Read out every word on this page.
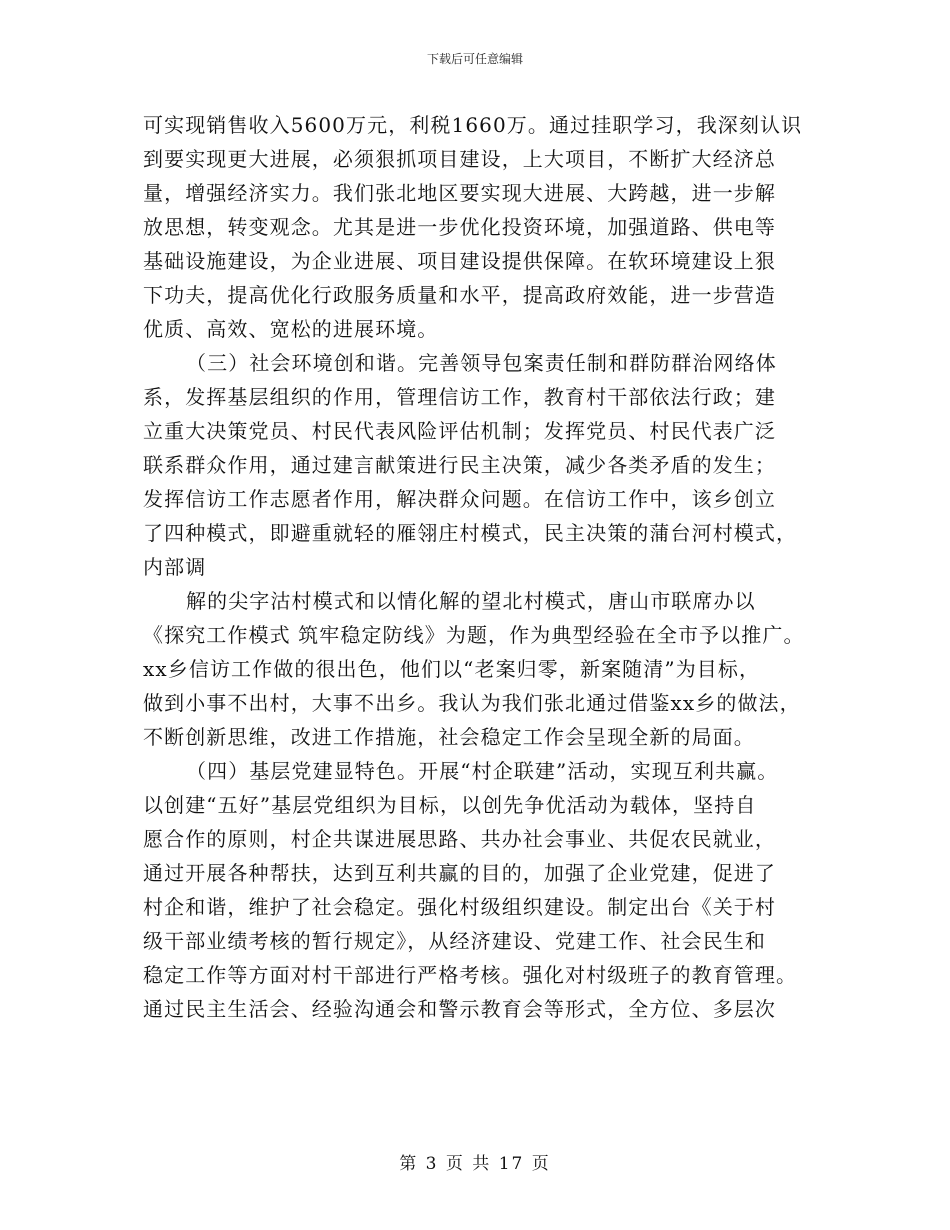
下载后可任意编辑
可实现销售收入5600万元，利税1660万。通过挂职学习，我深刻认识
到要实现更大进展，必须狠抓项目建设，上大项目，不断扩大经济总
量，增强经济实力。我们张北地区要实现大进展、大跨越，进一步解
放思想，转变观念。尤其是进一步优化投资环境，加强道路、供电等
基础设施建设，为企业进展、项目建设提供保障。在软环境建设上狠
下功夫，提高优化行政服务质量和水平，提高政府效能，进一步营造
优质、高效、宽松的进展环境。
（三）社会环境创和谐。完善领导包案责任制和群防群治网络体
系，发挥基层组织的作用，管理信访工作，教育村干部依法行政；建
立重大决策党员、村民代表风险评估机制；发挥党员、村民代表广泛
联系群众作用，通过建言献策进行民主决策，减少各类矛盾的发生；
发挥信访工作志愿者作用，解决群众问题。在信访工作中，该乡创立
了四种模式，即避重就轻的雁翎庄村模式，民主决策的蒲台河村模式，
内部调
解的尖字沽村模式和以情化解的望北村模式，唐山市联席办以
《探究工作模式 筑牢稳定防线》为题，作为典型经验在全市予以推广。
xx乡信访工作做的很出色，他们以“老案归零，新案随清”为目标，
做到小事不出村，大事不出乡。我认为我们张北通过借鉴xx乡的做法，
不断创新思维，改进工作措施，社会稳定工作会呈现全新的局面。
（四）基层党建显特色。开展“村企联建”活动，实现互利共赢。
以创建“五好”基层党组织为目标，以创先争优活动为载体，坚持自
愿合作的原则，村企共谋进展思路、共办社会事业、共促农民就业，
通过开展各种帮扶，达到互利共赢的目的，加强了企业党建，促进了
村企和谐，维护了社会稳定。强化村级组织建设。制定出台《关于村
级干部业绩考核的暂行规定》，从经济建设、党建工作、社会民生和
稳定工作等方面对村干部进行严格考核。强化对村级班子的教育管理。
通过民主生活会、经验沟通会和警示教育会等形式，全方位、多层次
第 3 页 共 17 页
